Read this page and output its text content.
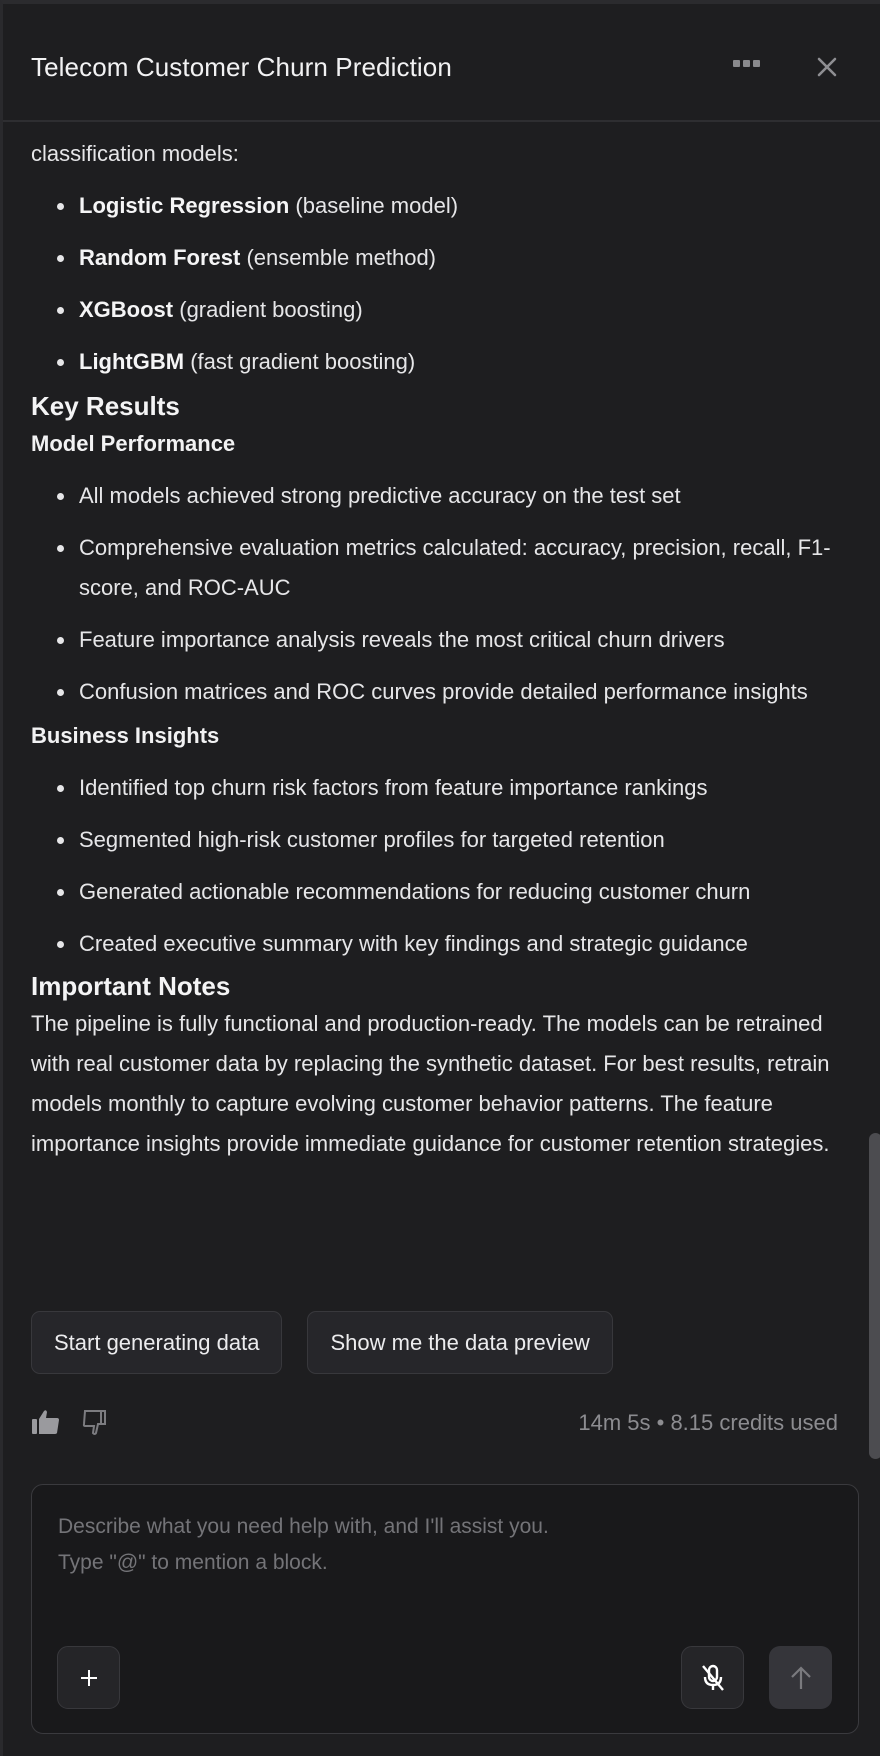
Telecom Customer Churn Prediction

classification models:

Logistic Regression (baseline model)
Random Forest (ensemble method)
XGBoost (gradient boosting)
LightGBM (fast gradient boosting)
Key Results
Model Performance
All models achieved strong predictive accuracy on the test set
Comprehensive evaluation metrics calculated: accuracy, precision, recall, F1-score, and ROC-AUC
Feature importance analysis reveals the most critical churn drivers
Confusion matrices and ROC curves provide detailed performance insights
Business Insights
Identified top churn risk factors from feature importance rankings
Segmented high-risk customer profiles for targeted retention
Generated actionable recommendations for reducing customer churn
Created executive summary with key findings and strategic guidance
Important Notes

The pipeline is fully functional and production-ready. The models can be retrained with real customer data by replacing the synthetic dataset. For best results, retrain models monthly to capture evolving customer behavior patterns. The feature importance insights provide immediate guidance for customer retention strategies.

Start generating data	Show me the data preview
14m 5s • 8.15 credits used
Describe what you need help with, and I'll assist you. Type "@" to mention a block.
